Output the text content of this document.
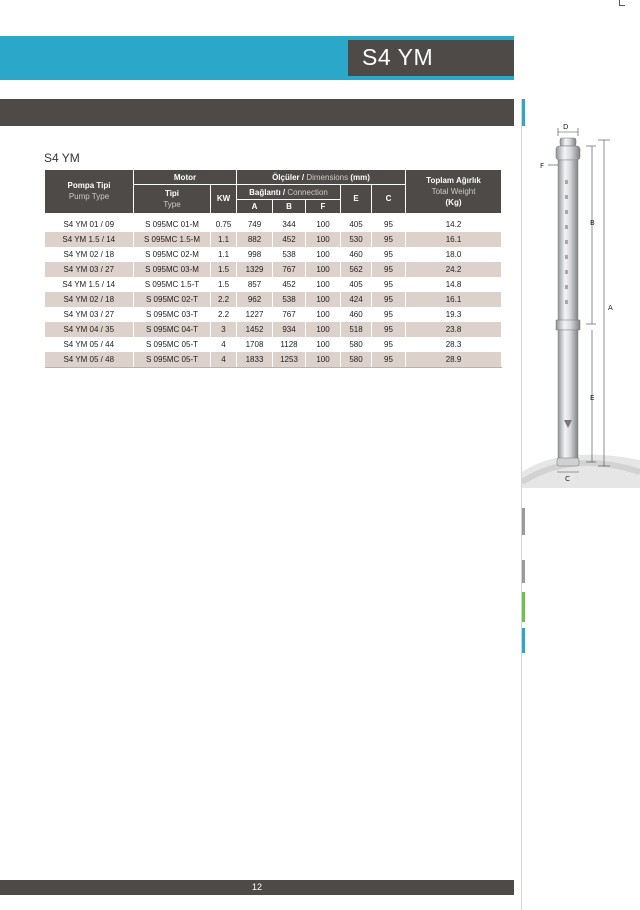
S4 YM
S4 YM
Pompa Tipi
Pump Type	Motor		Ölçüler / Dimensions (mm)					Toplam Ağırlık
Total Weight
(Kg)
	Tipi
Type	KW	Bağlantı / Connection			E	C	
			A	B	F			
S4 YM 01 / 09	S 095MC 01-M	0.75	749	344	100	405	95	14.2
S4 YM 1.5 / 14	S 095MC 1.5-M	1.1	882	452	100	530	95	16.1
S4 YM 02 / 18	S 095MC 02-M	1.1	998	538	100	460	95	18.0
S4 YM 03 / 27	S 095MC 03-M	1.5	1329	767	100	562	95	24.2
S4 YM 1.5 / 14	S 095MC 1.5-T	1.5	857	452	100	405	95	14.8
S4 YM 02 / 18	S 095MC 02-T	2.2	962	538	100	424	95	16.1
S4 YM 03 / 27	S 095MC 03-T	2.2	1227	767	100	460	95	19.3
S4 YM 04 / 35	S 095MC 04-T	3	1452	934	100	518	95	23.8
S4 YM 05 / 44	S 095MC 05-T	4	1708	1128	100	580	95	28.3
S4 YM 05 / 48	S 095MC 05-T	4	1833	1253	100	580	95	28.9
D
F
B
A
E
C
12
